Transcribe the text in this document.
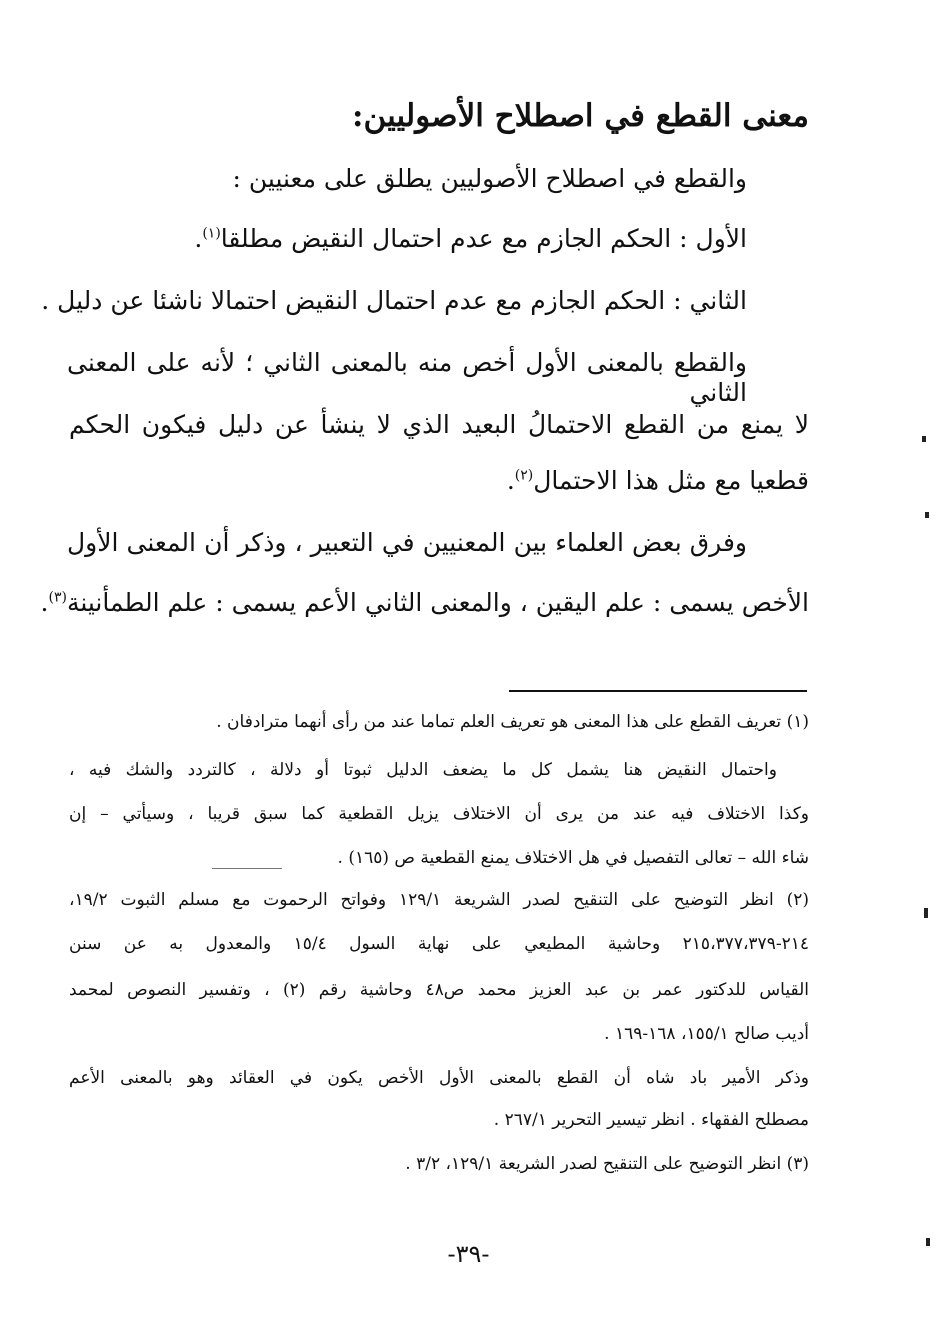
معنى القطع في اصطلاح الأصوليين:
والقطع في اصطلاح الأصوليين يطلق على معنيين :
الأول : الحكم الجازم مع عدم احتمال النقيض مطلقا$^{(١)}$.
الثاني : الحكم الجازم مع عدم احتمال النقيض احتمالا ناشئا عن دليل .
والقطع بالمعنى الأول أخص منه بالمعنى الثاني ؛ لأنه على المعنى الثاني
لا يمنع من القطع الاحتمالُ البعيد الذي لا ينشأ عن دليل فيكون الحكم
قطعيا مع مثل هذا الاحتمال$^{(٢)}$.
وفرق بعض العلماء بين المعنيين في التعبير ، وذكر أن المعنى الأول
الأخص يسمى : علم اليقين ، والمعنى الثاني الأعم يسمى : علم الطمأنينة$^{(٣)}$.
(١) تعريف القطع على هذا المعنى هو تعريف العلم تماما عند من رأى أنهما مترادفان .
واحتمال النقيض هنا يشمل كل ما يضعف الدليل ثبوتا أو دلالة ، كالتردد والشك فيه ،
وكذا الاختلاف فيه عند من يرى أن الاختلاف يزيل القطعية كما سبق قريبا ، وسيأتي – إن
شاء الله – تعالى التفصيل في هل الاختلاف يمنع القطعية ص (١٦٥) .
(٢) انظر التوضيح على التنقيح لصدر الشريعة ١٢٩/١ وفواتح الرحموت مع مسلم الثبوت ١٩/٢،
٢١٤-٢١٥،٣٧٧،٣٧٩ وحاشية المطيعي على نهاية السول ١٥/٤ والمعدول به عن سنن
القياس للدكتور عمر بن عبد العزيز محمد ص٤٨ وحاشية رقم (٢) ، وتفسير النصوص لمحمد
أديب صالح ١٥٥/١، ١٦٨-١٦٩ .
وذكر الأمير باد شاه أن القطع بالمعنى الأول الأخص يكون في العقائد وهو بالمعنى الأعم
مصطلح الفقهاء . انظر تيسير التحرير ٢٦٧/١ .
(٣) انظر التوضيح على التنقيح لصدر الشريعة ١٢٩/١، ٣/٢ .
-٣٩-
